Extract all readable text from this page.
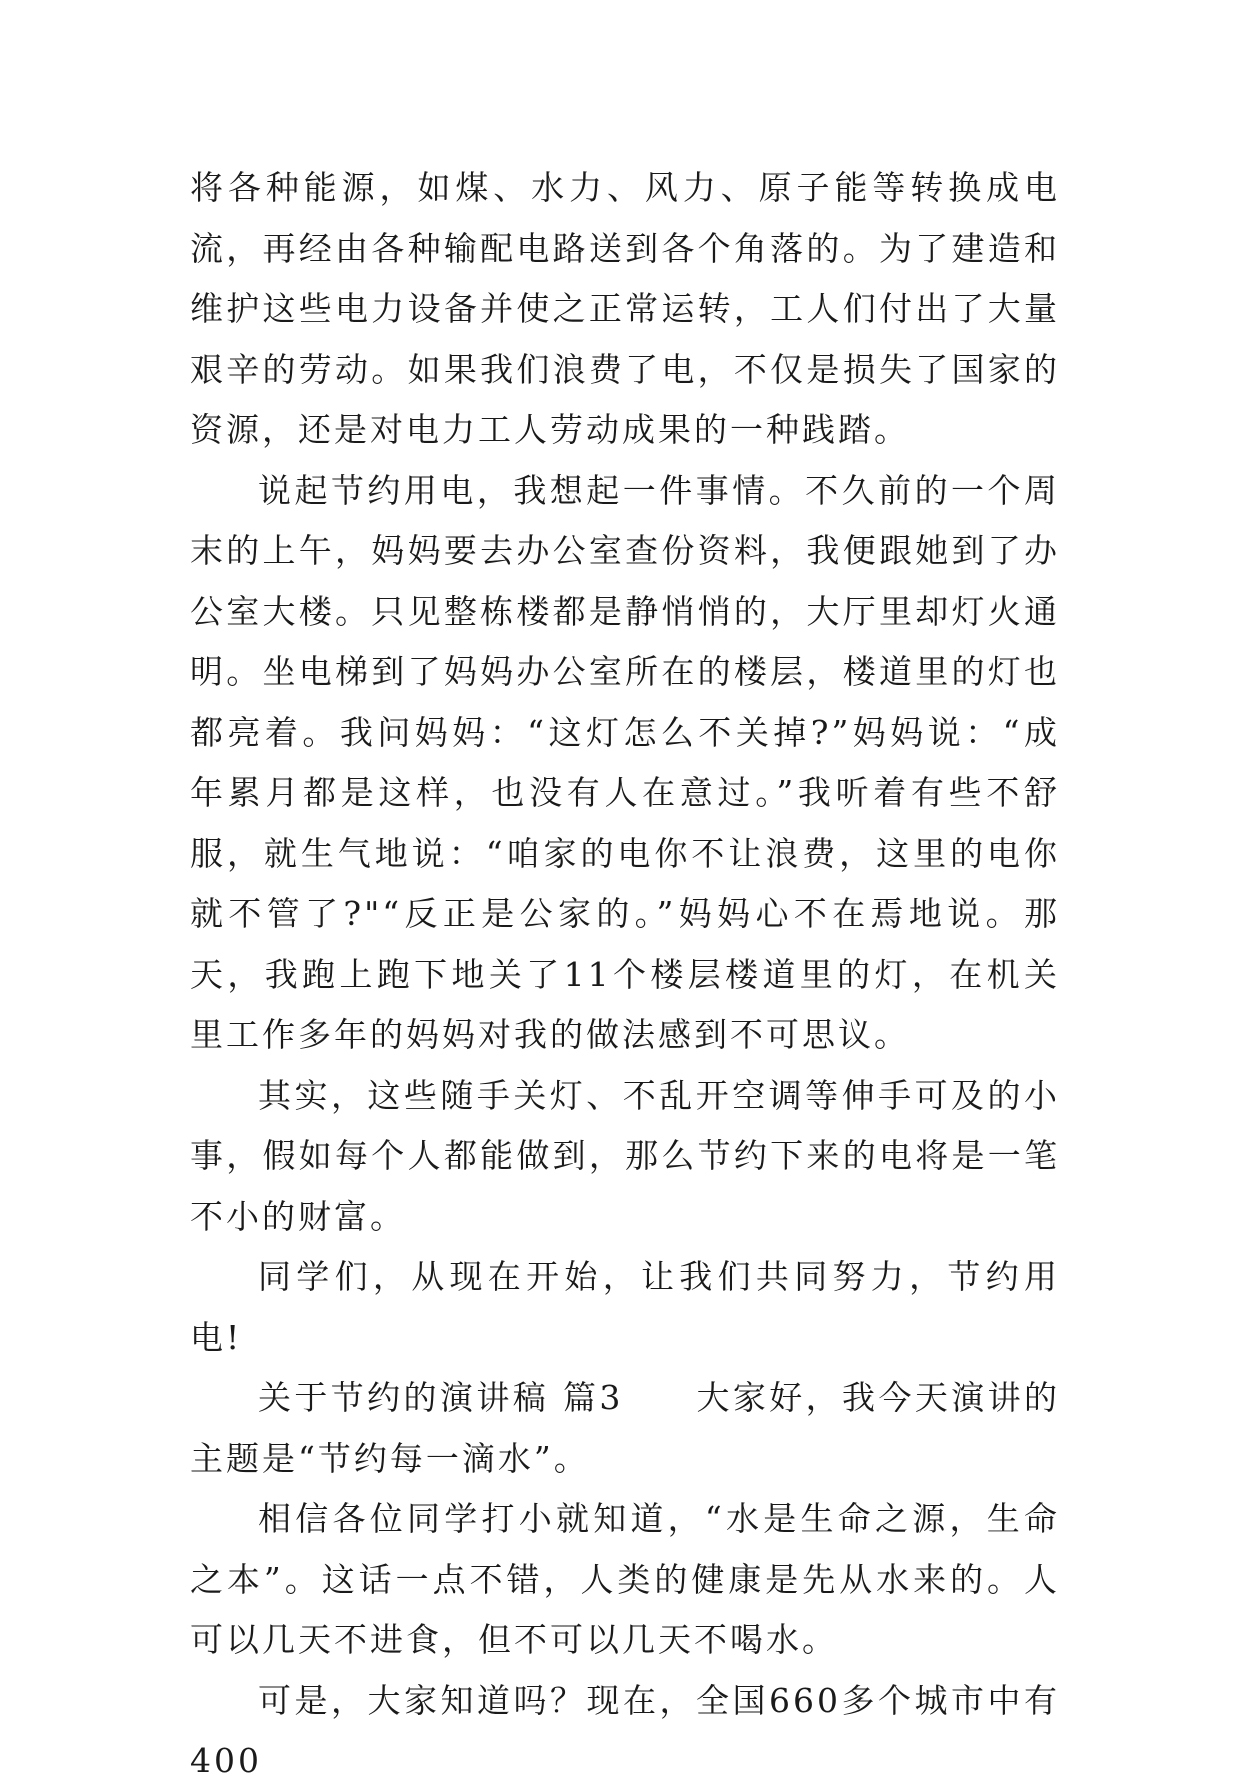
将各种能源，如煤、水力、风力、原子能等转换成电流，再经由各种输配电路送到各个角落的。为了建造和维护这些电力设备并使之正常运转，工人们付出了大量艰辛的劳动。如果我们浪费了电，不仅是损失了国家的资源，还是对电力工人劳动成果的一种践踏。

说起节约用电，我想起一件事情。不久前的一个周末的上午，妈妈要去办公室查份资料，我便跟她到了办公室大楼。只见整栋楼都是静悄悄的，大厅里却灯火通明。坐电梯到了妈妈办公室所在的楼层，楼道里的灯也都亮着。我问妈妈：“这灯怎么不关掉?”妈妈说：“成年累月都是这样，也没有人在意过。”我听着有些不舒服，就生气地说：“咱家的电你不让浪费，这里的电你就不管了?"“反正是公家的。”妈妈心不在焉地说。那天，我跑上跑下地关了11个楼层楼道里的灯，在机关里工作多年的妈妈对我的做法感到不可思议。

其实，这些随手关灯、不乱开空调等伸手可及的小事，假如每个人都能做到，那么节约下来的电将是一笔不小的财富。

同学们，从现在开始，让我们共同努力，节约用电!

关于节约的演讲稿 篇3　　大家好，我今天演讲的主题是“节约每一滴水”。

相信各位同学打小就知道，“水是生命之源，生命之本”。这话一点不错，人类的健康是先从水来的。人可以几天不进食，但不可以几天不喝水。

可是，大家知道吗？现在，全国660多个城市中有400
